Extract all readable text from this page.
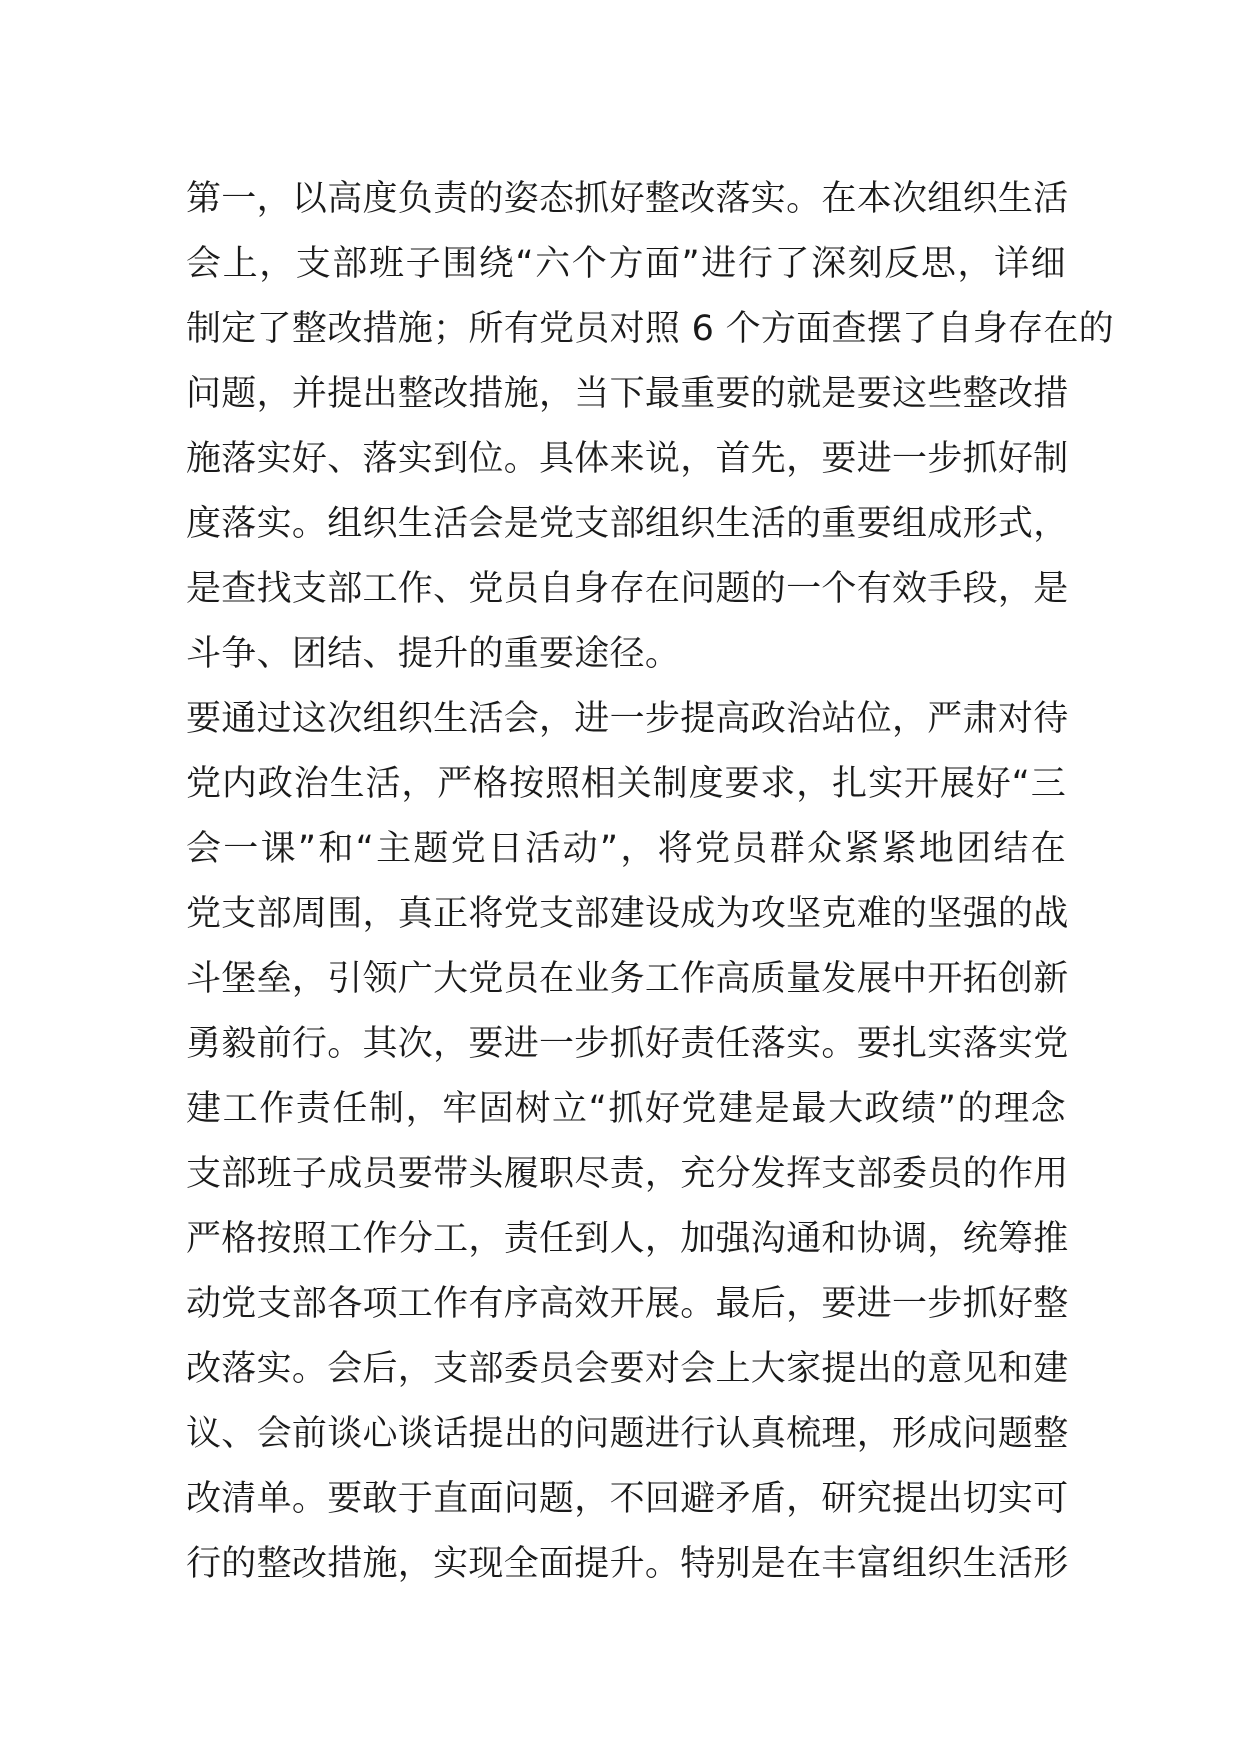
第一，以高度负责的姿态抓好整改落实。在本次组织生活
会上，支部班子围绕“六个方面”进行了深刻反思，详细
制定了整改措施；所有党员对照 6 个方面查摆了自身存在的
问题，并提出整改措施，当下最重要的就是要这些整改措
施落实好、落实到位。具体来说，首先，要进一步抓好制
度落实。组织生活会是党支部组织生活的重要组成形式，
是查找支部工作、党员自身存在问题的一个有效手段，是
斗争、团结、提升的重要途径。
要通过这次组织生活会，进一步提高政治站位，严肃对待
党内政治生活，严格按照相关制度要求，扎实开展好“三
会一课”和“主题党日活动”，将党员群众紧紧地团结在
党支部周围，真正将党支部建设成为攻坚克难的坚强的战
斗堡垒，引领广大党员在业务工作高质量发展中开拓创新
勇毅前行。其次，要进一步抓好责任落实。要扎实落实党
建工作责任制，牢固树立“抓好党建是最大政绩”的理念
支部班子成员要带头履职尽责，充分发挥支部委员的作用
严格按照工作分工，责任到人，加强沟通和协调，统筹推
动党支部各项工作有序高效开展。最后，要进一步抓好整
改落实。会后，支部委员会要对会上大家提出的意见和建
议、会前谈心谈话提出的问题进行认真梳理，形成问题整
改清单。要敢于直面问题，不回避矛盾，研究提出切实可
行的整改措施，实现全面提升。特别是在丰富组织生活形
